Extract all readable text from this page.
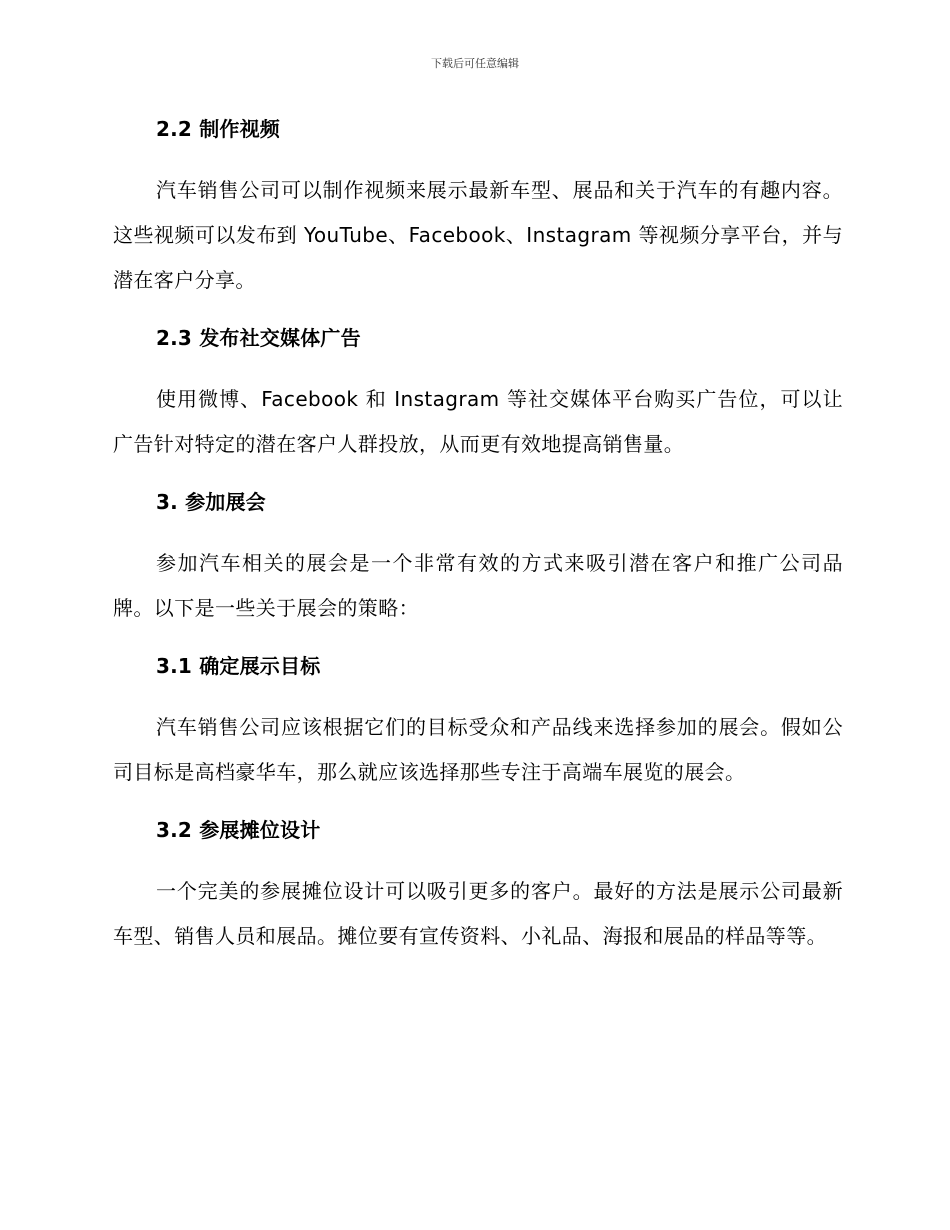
下载后可任意编辑
2.2 制作视频

汽车销售公司可以制作视频来展示最新车型、展品和关于汽车的有趣内容。这些视频可以发布到 YouTube、Facebook、Instagram 等视频分享平台，并与潜在客户分享。

2.3 发布社交媒体广告

使用微博、Facebook 和 Instagram 等社交媒体平台购买广告位，可以让广告针对特定的潜在客户人群投放，从而更有效地提高销售量。

3. 参加展会

参加汽车相关的展会是一个非常有效的方式来吸引潜在客户和推广公司品牌。以下是一些关于展会的策略：

3.1 确定展示目标

汽车销售公司应该根据它们的目标受众和产品线来选择参加的展会。假如公司目标是高档豪华车，那么就应该选择那些专注于高端车展览的展会。

3.2 参展摊位设计

一个完美的参展摊位设计可以吸引更多的客户。最好的方法是展示公司最新车型、销售人员和展品。摊位要有宣传资料、小礼品、海报和展品的样品等等。
